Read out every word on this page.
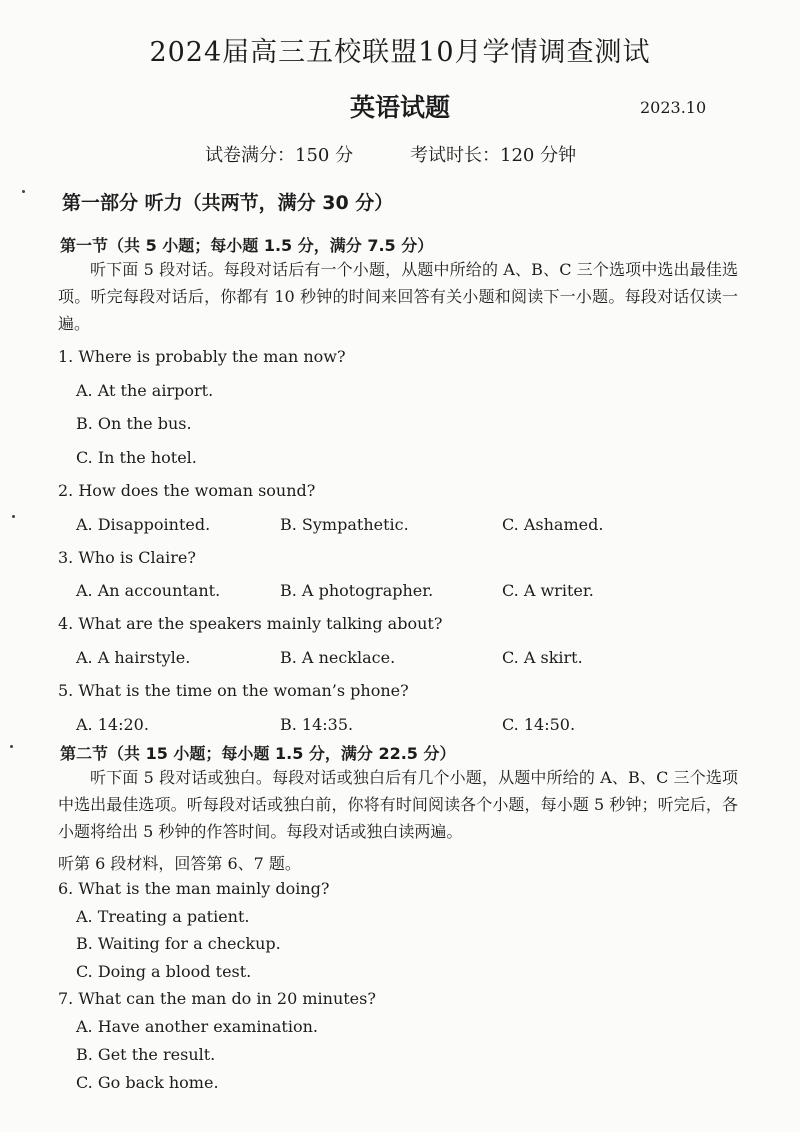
2024届高三五校联盟10月学情调查测试
英语试题	2023.10
试卷满分：150 分	考试时长：120 分钟
第一部分 听力（共两节，满分 30 分）
第一节（共 5 小题；每小题 1.5 分，满分 7.5 分）
听下面 5 段对话。每段对话后有一个小题，从题中所给的 A、B、C 三个选项中选出最佳选项。听完每段对话后，你都有 10 秒钟的时间来回答有关小题和阅读下一小题。每段对话仅读一遍。
1. Where is probably the man now?
A. At the airport.
B. On the bus.
C. In the hotel.
2. How does the woman sound?
A. Disappointed.	B. Sympathetic.	C. Ashamed.
3. Who is Claire?
A. An accountant.	B. A photographer.	C. A writer.
4. What are the speakers mainly talking about?
A. A hairstyle.	B. A necklace.	C. A skirt.
5. What is the time on the woman’s phone?
A. 14:20.	B. 14:35.	C. 14:50.
第二节（共 15 小题；每小题 1.5 分，满分 22.5 分）
听下面 5 段对话或独白。每段对话或独白后有几个小题，从题中所给的 A、B、C 三个选项中选出最佳选项。听每段对话或独白前，你将有时间阅读各个小题，每小题 5 秒钟；听完后，各小题将给出 5 秒钟的作答时间。每段对话或独白读两遍。
听第 6 段材料，回答第 6、7 题。
6. What is the man mainly doing?
A. Treating a patient.
B. Waiting for a checkup.
C. Doing a blood test.
7. What can the man do in 20 minutes?
A. Have another examination.
B. Get the result.
C. Go back home.
